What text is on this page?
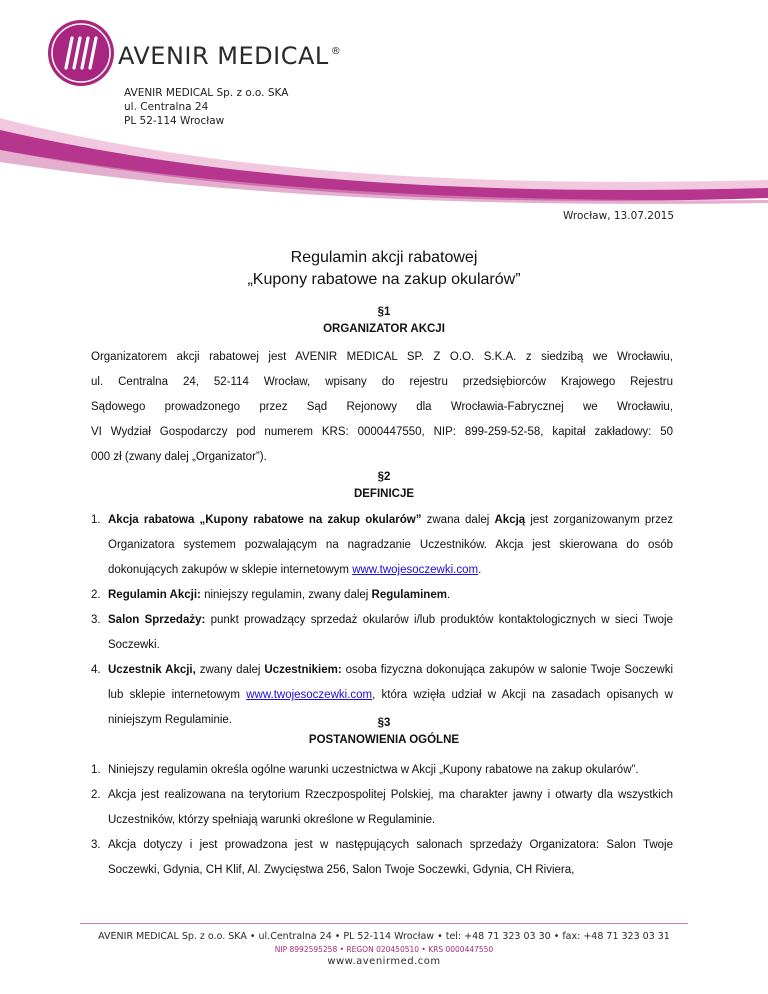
AVENIR MEDICAL ®
AVENIR MEDICAL Sp. z o.o. SKA
ul. Centralna 24
PL 52-114 Wrocław
Wrocław, 13.07.2015
Regulamin akcji rabatowej
„Kupony rabatowe na zakup okularów”
§1
ORGANIZATOR AKCJI
Organizatorem akcji rabatowej jest AVENIR MEDICAL SP. Z O.O. S.K.A. z siedzibą we Wrocławiu,
ul. Centralna 24, 52-114 Wrocław, wpisany do rejestru przedsiębiorców Krajowego Rejestru
Sądowego prowadzonego przez Sąd Rejonowy dla Wrocławia-Fabrycznej we Wrocławiu,
VI Wydział Gospodarczy pod numerem KRS: 0000447550, NIP: 899-259-52-58, kapitał zakładowy: 50
000 zł (zwany dalej „Organizator”).
§2
DEFINICJE
1. Akcja rabatowa „Kupony rabatowe na zakup okularów” zwana dalej Akcją jest zorganizowanym przez Organizatora systemem pozwalającym na nagradzanie Uczestników. Akcja jest skierowana do osób dokonujących zakupów w sklepie internetowym www.twojesoczewki.com.
2. Regulamin Akcji: niniejszy regulamin, zwany dalej Regulaminem.
3. Salon Sprzedaży: punkt prowadzący sprzedaż okularów i/lub produktów kontaktologicznych w sieci Twoje Soczewki.
4. Uczestnik Akcji, zwany dalej Uczestnikiem: osoba fizyczna dokonująca zakupów w salonie Twoje Soczewki lub sklepie internetowym www.twojesoczewki.com, która wzięła udział w Akcji na zasadach opisanych w niniejszym Regulaminie.	§3
POSTANOWIENIA OGÓLNE
1. Niniejszy regulamin określa ogólne warunki uczestnictwa w Akcji „Kupony rabatowe na zakup okularów”.
2. Akcja jest realizowana na terytorium Rzeczpospolitej Polskiej, ma charakter jawny i otwarty dla wszystkich Uczestników, którzy spełniają warunki określone w Regulaminie.
3. Akcja dotyczy i jest prowadzona jest w następujących salonach sprzedaży Organizatora: Salon Twoje Soczewki, Gdynia, CH Klif, Al. Zwycięstwa 256, Salon Twoje Soczewki, Gdynia, CH Riviera,
AVENIR MEDICAL Sp. z o.o. SKA • ul.Centralna 24 • PL 52-114 Wrocław • tel: +48 71 323 03 30 • fax: +48 71 323 03 31
NIP 8992595258 • REGON 020450510 • KRS 0000447550
www.avenirmed.com
